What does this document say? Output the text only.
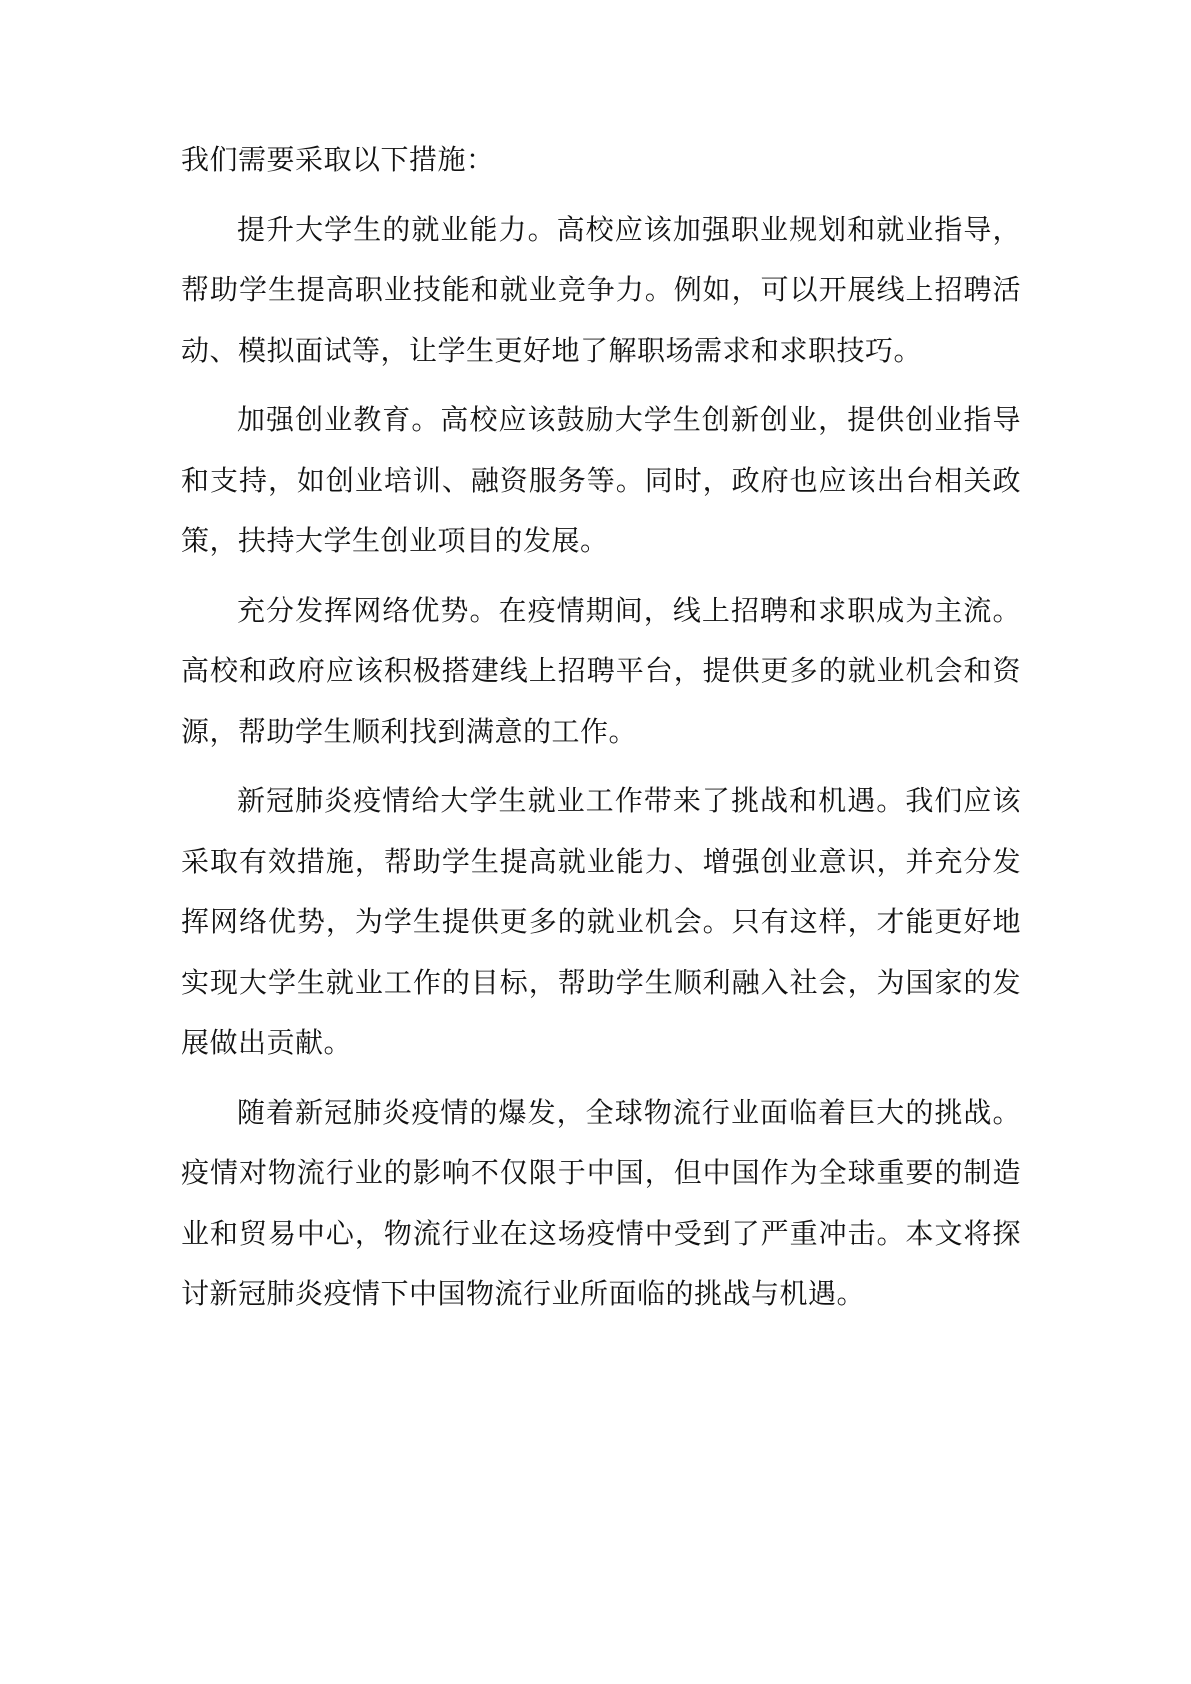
我们需要采取以下措施：

提升大学生的就业能力。高校应该加强职业规划和就业指导，帮助学生提高职业技能和就业竞争力。例如，可以开展线上招聘活动、模拟面试等，让学生更好地了解职场需求和求职技巧。

加强创业教育。高校应该鼓励大学生创新创业，提供创业指导和支持，如创业培训、融资服务等。同时，政府也应该出台相关政策，扶持大学生创业项目的发展。

充分发挥网络优势。在疫情期间，线上招聘和求职成为主流。高校和政府应该积极搭建线上招聘平台，提供更多的就业机会和资源，帮助学生顺利找到满意的工作。

新冠肺炎疫情给大学生就业工作带来了挑战和机遇。我们应该采取有效措施，帮助学生提高就业能力、增强创业意识，并充分发挥网络优势，为学生提供更多的就业机会。只有这样，才能更好地实现大学生就业工作的目标，帮助学生顺利融入社会，为国家的发展做出贡献。

随着新冠肺炎疫情的爆发，全球物流行业面临着巨大的挑战。疫情对物流行业的影响不仅限于中国，但中国作为全球重要的制造业和贸易中心，物流行业在这场疫情中受到了严重冲击。本文将探讨新冠肺炎疫情下中国物流行业所面临的挑战与机遇。
